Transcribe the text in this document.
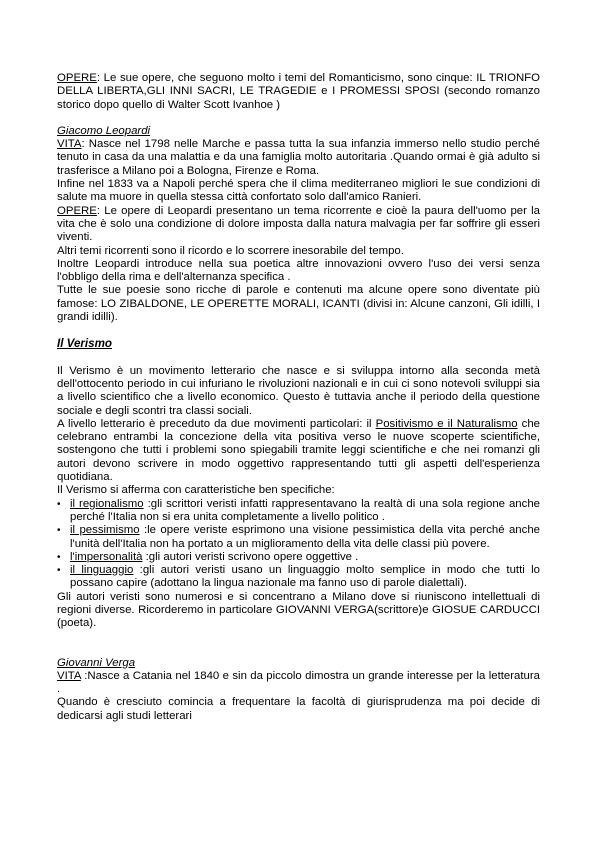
OPERE: Le sue opere, che seguono molto i temi del Romanticismo, sono cinque: IL TRIONFO DELLA LIBERTA,GLI INNI SACRI, LE TRAGEDIE e I PROMESSI SPOSI (secondo romanzo storico dopo quello di Walter Scott Ivanhoe )

Giacomo Leopardi

VITA: Nasce nel 1798 nelle Marche e passa tutta la sua infanzia immerso nello studio perché tenuto in casa da una malattia e da una famiglia molto autoritaria .Quando ormai è già adulto si trasferisce a Milano poi a Bologna, Firenze e Roma.

Infine nel 1833 va a Napoli perché spera che il clima mediterraneo migliori le sue condizioni di salute ma muore in quella stessa città confortato solo dall'amico Ranieri.

OPERE: Le opere di Leopardi presentano un tema ricorrente e cioè la paura dell'uomo per la vita che è solo una condizione di dolore imposta dalla natura malvagia per far soffrire gli esseri viventi.

Altri temi ricorrenti sono il ricordo e lo scorrere inesorabile del tempo.

Inoltre Leopardi introduce nella sua poetica altre innovazioni ovvero l'uso dei versi senza l'obbligo della rima e dell'alternanza specifica .

Tutte le sue poesie sono ricche di parole e contenuti ma alcune opere sono diventate più famose: LO ZIBALDONE, LE OPERETTE MORALI, ICANTI (divisi in: Alcune canzoni, Gli idilli, I grandi idilli).

Il Verismo

Il Verismo è un movimento letterario che nasce e si sviluppa intorno alla seconda metà dell'ottocento periodo in cui infuriano le rivoluzioni nazionali e in cui ci sono notevoli sviluppi sia a livello scientifico che a livello economico. Questo è tuttavia anche il periodo della questione sociale e degli scontri tra classi sociali.

A livello letterario è preceduto da due movimenti particolari: il Positivismo e il Naturalismo che celebrano entrambi la concezione della vita positiva verso le nuove scoperte scientifiche, sostengono che tutti i problemi sono spiegabili tramite leggi scientifiche e che nei romanzi gli autori devono scrivere in modo oggettivo rappresentando tutti gli aspetti dell'esperienza quotidiana.

Il Verismo si afferma con caratteristiche ben specifiche:

• il regionalismo :gli scrittori veristi infatti rappresentavano la realtà di una sola regione anche perché l'Italia non si era unita completamente a livello politico .
• il pessimismo :le opere veriste esprimono una visione pessimistica della vita perché anche l'unità dell'Italia non ha portato a un miglioramento della vita delle classi più povere.
• l'impersonalità :gli autori veristi scrivono opere oggettive .
• il linguaggio :gli autori veristi usano un linguaggio molto semplice in modo che tutti lo possano capire (adottano la lingua nazionale ma fanno uso di parole dialettali).

Gli autori veristi sono numerosi e si concentrano a Milano dove si riuniscono intellettuali di regioni diverse. Ricorderemo in particolare GIOVANNI VERGA(scrittore)e GIOSUE CARDUCCI (poeta).

Giovanni Verga

VITA :Nasce a Catania nel 1840 e sin da piccolo dimostra un grande interesse per la letteratura .

Quando è cresciuto comincia a frequentare la facoltà di giurisprudenza ma poi decide di dedicarsi agli studi letterari
